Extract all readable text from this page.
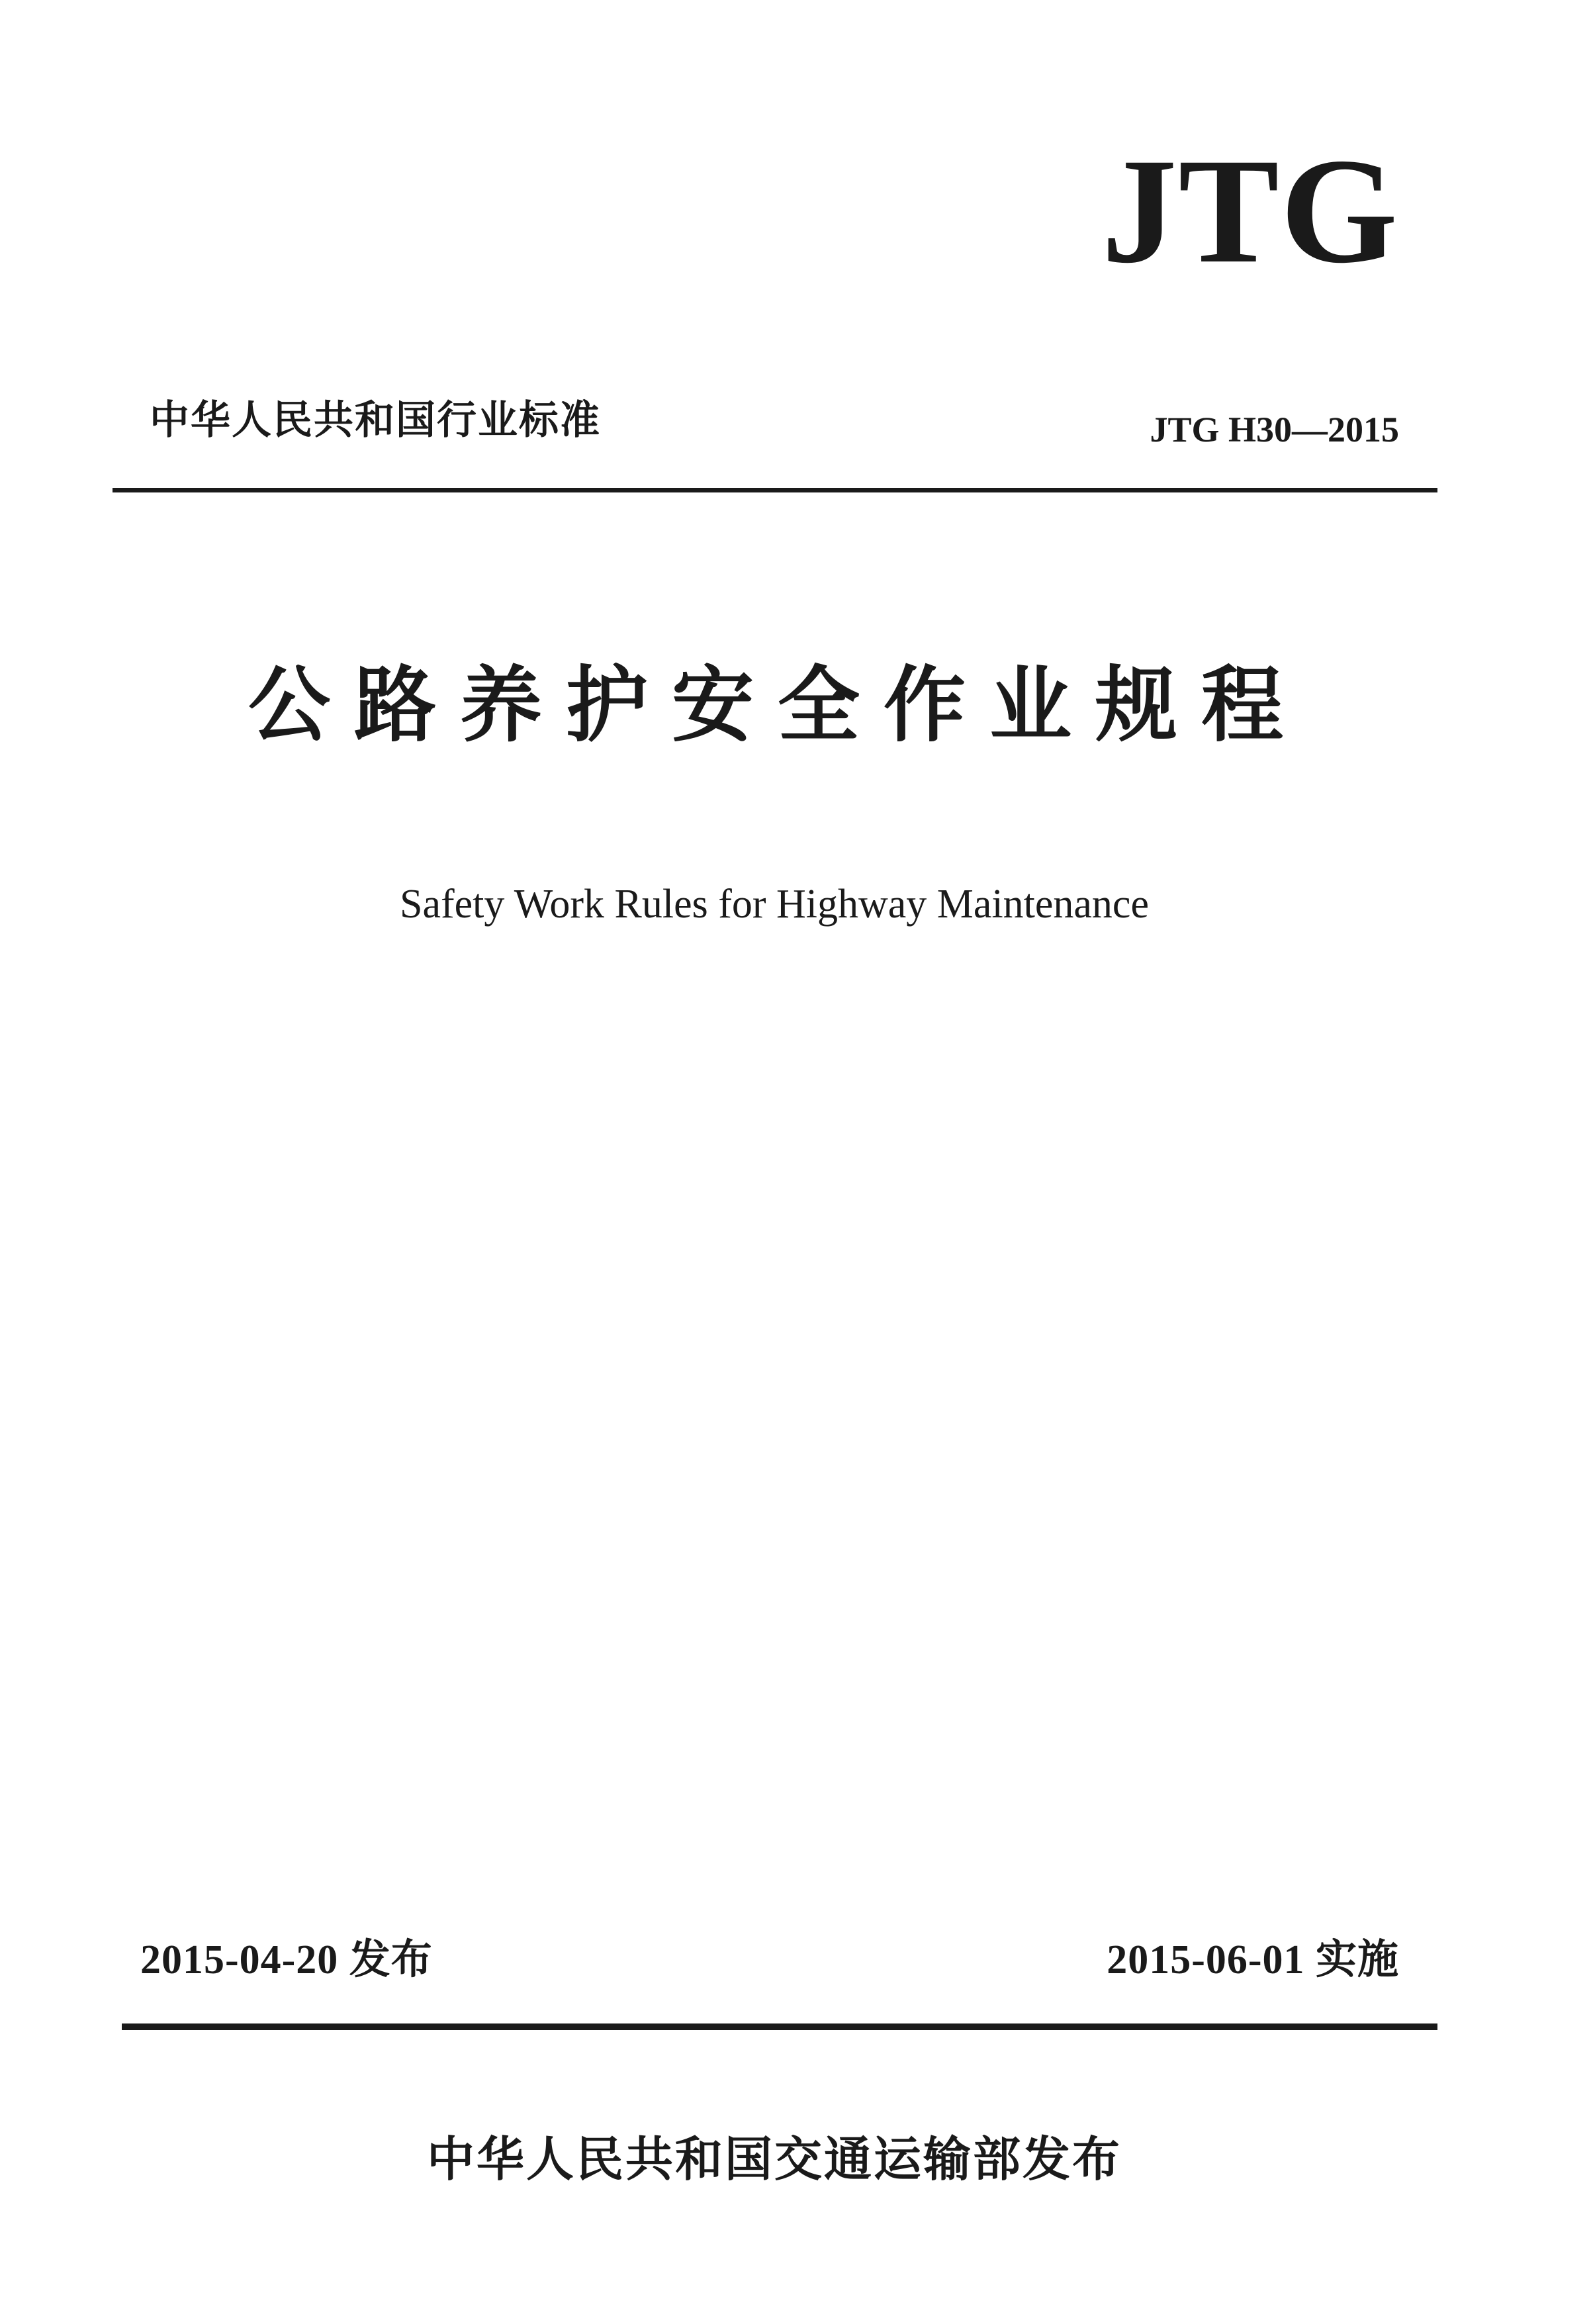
JTG
中华人民共和国行业标准	JTG H30—2015
公路养护安全作业规程
Safety Work Rules for Highway Maintenance
2015-04-20 发布	2015-06-01 实施
中华人民共和国交通运输部发布
